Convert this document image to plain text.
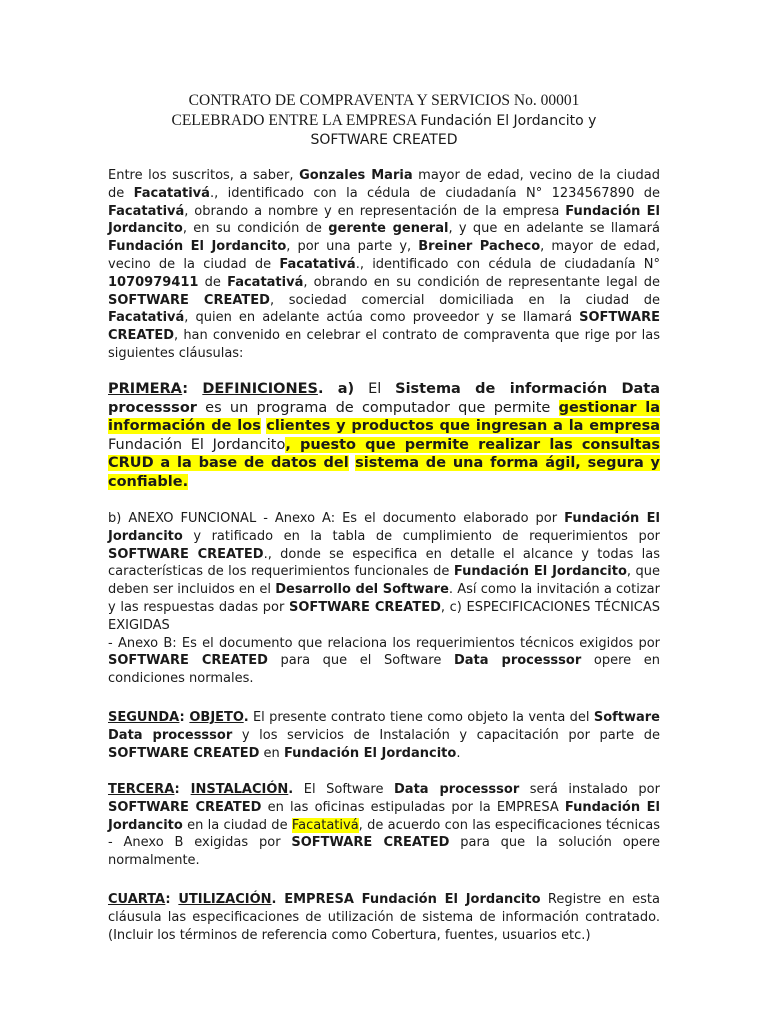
CONTRATO DE COMPRAVENTA Y SERVICIOS No. 00001
CELEBRADO ENTRE LA EMPRESA Fundación El Jordancito y
SOFTWARE CREATED
Entre los suscritos, a saber, Gonzales Maria mayor de edad, vecino de la ciudad de Facatativá., identificado con la cédula de ciudadanía N° 1234567890 de Facatativá, obrando a nombre y en representación de la empresa Fundación El Jordancito, en su condición de gerente general, y que en adelante se llamará Fundación El Jordancito, por una parte y, Breiner Pacheco, mayor de edad, vecino de la ciudad de Facatativá., identificado con cédula de ciudadanía N° 1070979411 de Facatativá, obrando en su condición de representante legal de SOFTWARE CREATED, sociedad comercial domiciliada en la ciudad de Facatativá, quien en adelante actúa como proveedor y se llamará SOFTWARE CREATED, han convenido en celebrar el contrato de compraventa que rige por las siguientes cláusulas:
PRIMERA: DEFINICIONES. a) El Sistema de información Data processsor es un programa de computador que permite gestionar la información de los clientes y productos que ingresan a la empresa Fundación El Jordancito, puesto que permite realizar las consultas CRUD a la base de datos del sistema de una forma ágil, segura y confiable.
b) ANEXO FUNCIONAL - Anexo A: Es el documento elaborado por Fundación El Jordancito y ratificado en la tabla de cumplimiento de requerimientos por SOFTWARE CREATED., donde se especifica en detalle el alcance y todas las características de los requerimientos funcionales de Fundación El Jordancito, que deben ser incluidos en el Desarrollo del Software. Así como la invitación a cotizar y las respuestas dadas por SOFTWARE CREATED, c) ESPECIFICACIONES TÉCNICAS EXIGIDAS
- Anexo B: Es el documento que relaciona los requerimientos técnicos exigidos por SOFTWARE CREATED para que el Software Data processsor opere en condiciones normales.
SEGUNDA: OBJETO. El presente contrato tiene como objeto la venta del Software Data processsor y los servicios de Instalación y capacitación por parte de SOFTWARE CREATED en Fundación El Jordancito.
TERCERA: INSTALACIÓN. El Software Data processsor será instalado por SOFTWARE CREATED en las oficinas estipuladas por la EMPRESA Fundación El Jordancito en la ciudad de Facatativá, de acuerdo con las especificaciones técnicas - Anexo B exigidas por SOFTWARE CREATED para que la solución opere normalmente.
CUARTA: UTILIZACIÓN. EMPRESA Fundación El Jordancito Registre en esta cláusula las especificaciones de utilización de sistema de información contratado. (Incluir los términos de referencia como Cobertura, fuentes, usuarios etc.)
